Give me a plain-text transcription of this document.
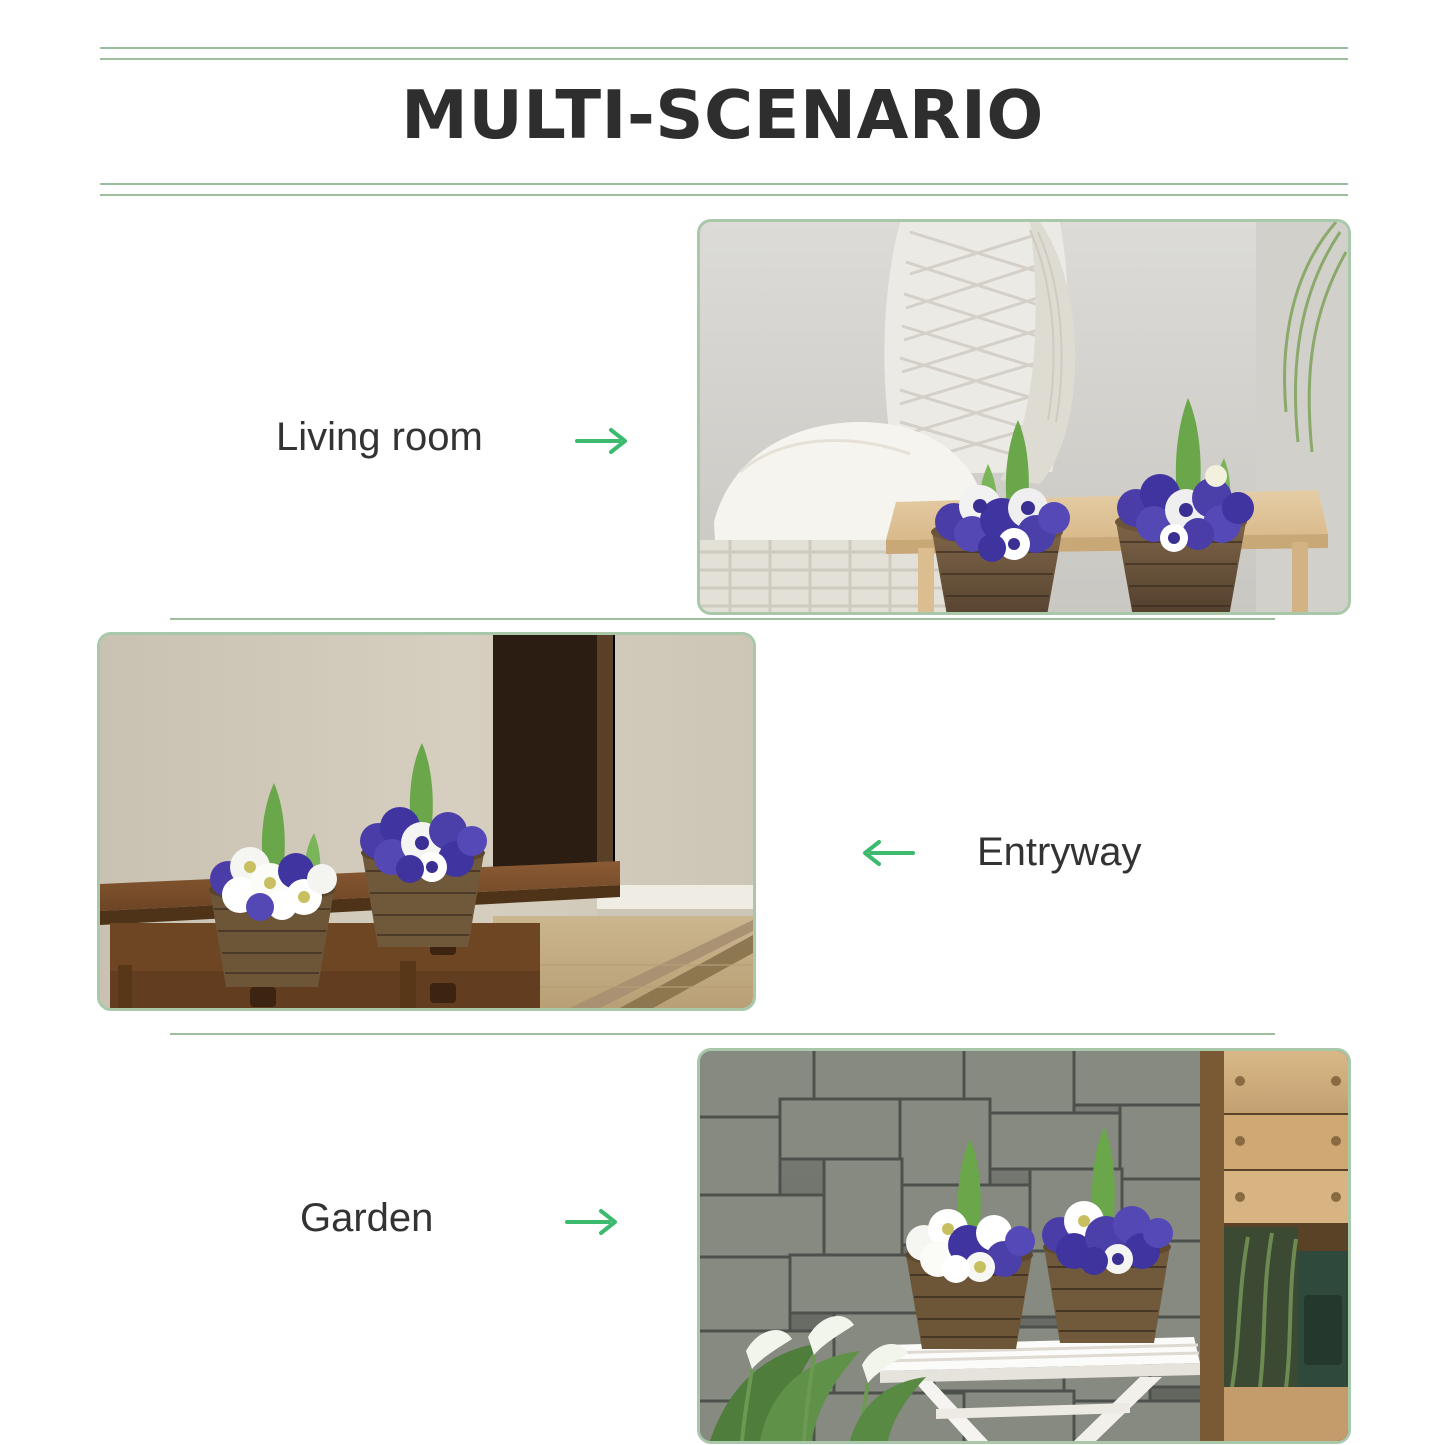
MULTI-SCENARIO
Living room
Entryway
Garden
